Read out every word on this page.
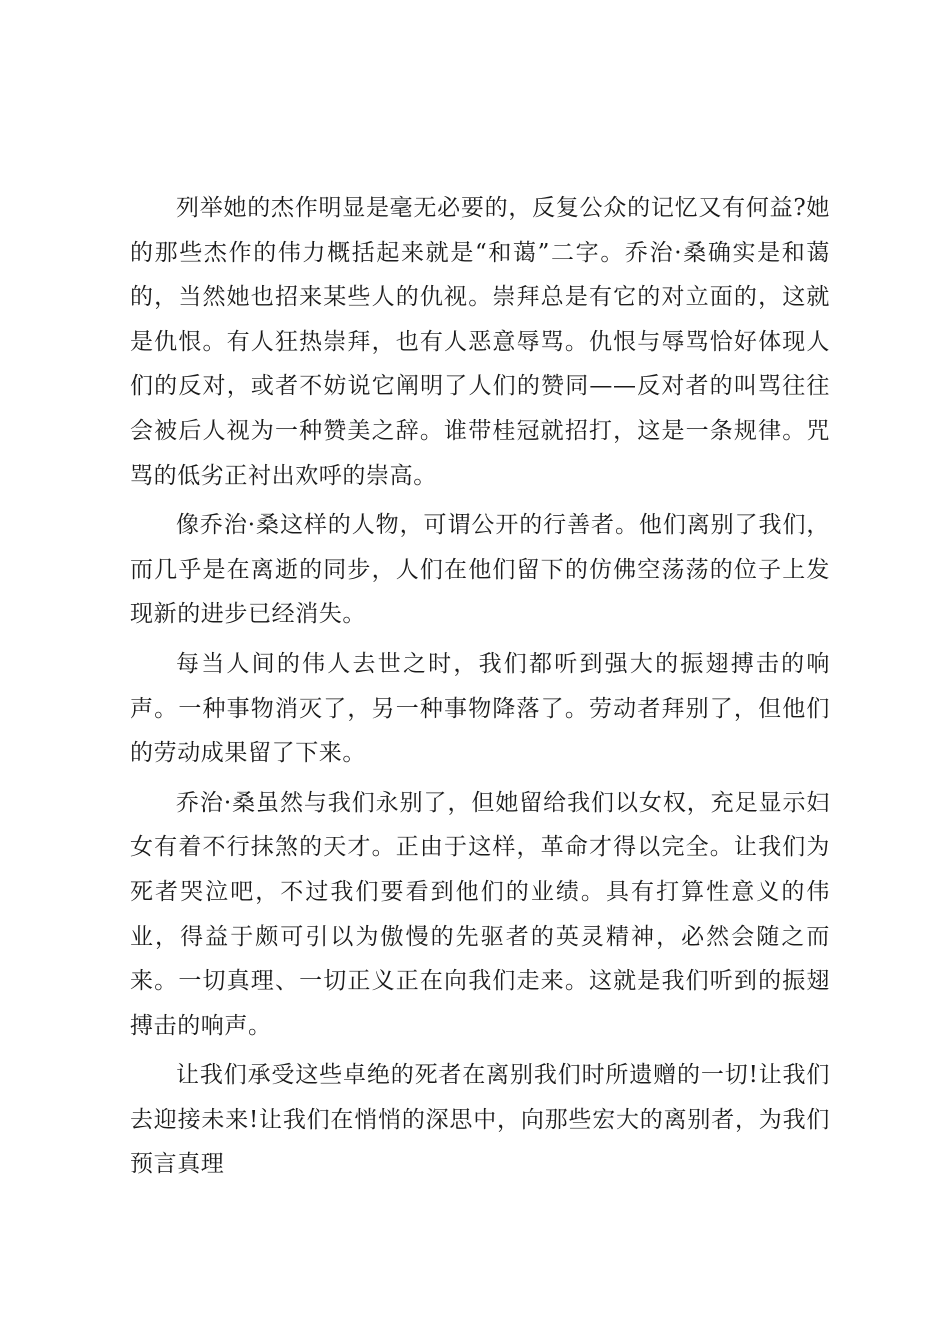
列举她的杰作明显是毫无必要的，反复公众的记忆又有何益?她的那些杰作的伟力概括起来就是“和蔼”二字。乔治·桑确实是和蔼的，当然她也招来某些人的仇视。崇拜总是有它的对立面的，这就是仇恨。有人狂热崇拜，也有人恶意辱骂。仇恨与辱骂恰好体现人们的反对，或者不妨说它阐明了人们的赞同——反对者的叫骂往往会被后人视为一种赞美之辞。谁带桂冠就招打，这是一条规律。咒骂的低劣正衬出欢呼的崇高。

像乔治·桑这样的人物，可谓公开的行善者。他们离别了我们，而几乎是在离逝的同步，人们在他们留下的仿佛空荡荡的位子上发现新的进步已经消失。

每当人间的伟人去世之时，我们都听到强大的振翅搏击的响声。一种事物消灭了，另一种事物降落了。劳动者拜别了，但他们的劳动成果留了下来。

乔治·桑虽然与我们永别了，但她留给我们以女权，充足显示妇女有着不行抹煞的天才。正由于这样，革命才得以完全。让我们为死者哭泣吧，不过我们要看到他们的业绩。具有打算性意义的伟业，得益于颇可引以为傲慢的先驱者的英灵精神，必然会随之而来。一切真理、一切正义正在向我们走来。这就是我们听到的振翅搏击的响声。

让我们承受这些卓绝的死者在离别我们时所遗赠的一切!让我们去迎接未来!让我们在悄悄的深思中，向那些宏大的离别者，为我们预言真理
